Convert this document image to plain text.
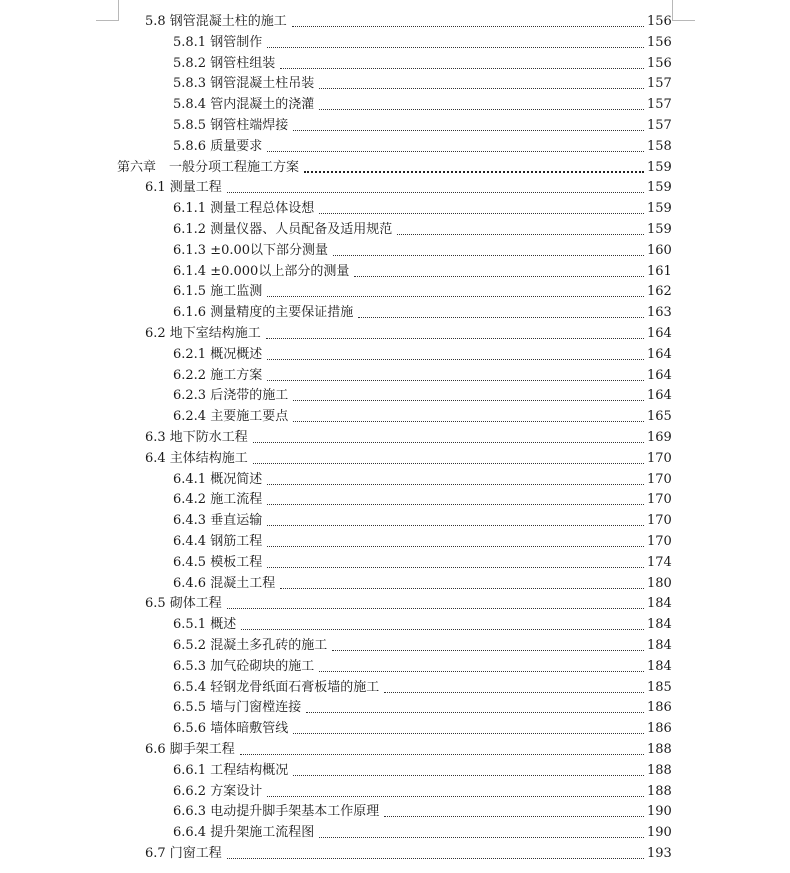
5.8 钢管混凝土柱的施工	156
5.8.1 钢管制作	156
5.8.2 钢管柱组装	156
5.8.3 钢管混凝土柱吊装	157
5.8.4 管内混凝土的浇灌	157
5.8.5 钢管柱端焊接	157
5.8.6 质量要求	158
第六章　一般分项工程施工方案	159
6.1 测量工程	159
6.1.1 测量工程总体设想	159
6.1.2 测量仪器、人员配备及适用规范	159
6.1.3 ±0.00以下部分测量	160
6.1.4 ±0.000以上部分的测量	161
6.1.5 施工监测	162
6.1.6 测量精度的主要保证措施	163
6.2 地下室结构施工	164
6.2.1 概况概述	164
6.2.2 施工方案	164
6.2.3 后浇带的施工	164
6.2.4 主要施工要点	165
6.3 地下防水工程	169
6.4 主体结构施工	170
6.4.1 概况简述	170
6.4.2 施工流程	170
6.4.3 垂直运输	170
6.4.4 钢筋工程	170
6.4.5 模板工程	174
6.4.6 混凝土工程	180
6.5 砌体工程	184
6.5.1 概述	184
6.5.2 混凝土多孔砖的施工	184
6.5.3 加气砼砌块的施工	184
6.5.4 轻钢龙骨纸面石膏板墙的施工	185
6.5.5 墙与门窗樘连接	186
6.5.6 墙体暗敷管线	186
6.6 脚手架工程	188
6.6.1 工程结构概况	188
6.6.2 方案设计	188
6.6.3 电动提升脚手架基本工作原理	190
6.6.4 提升架施工流程图	190
6.7 门窗工程	193
